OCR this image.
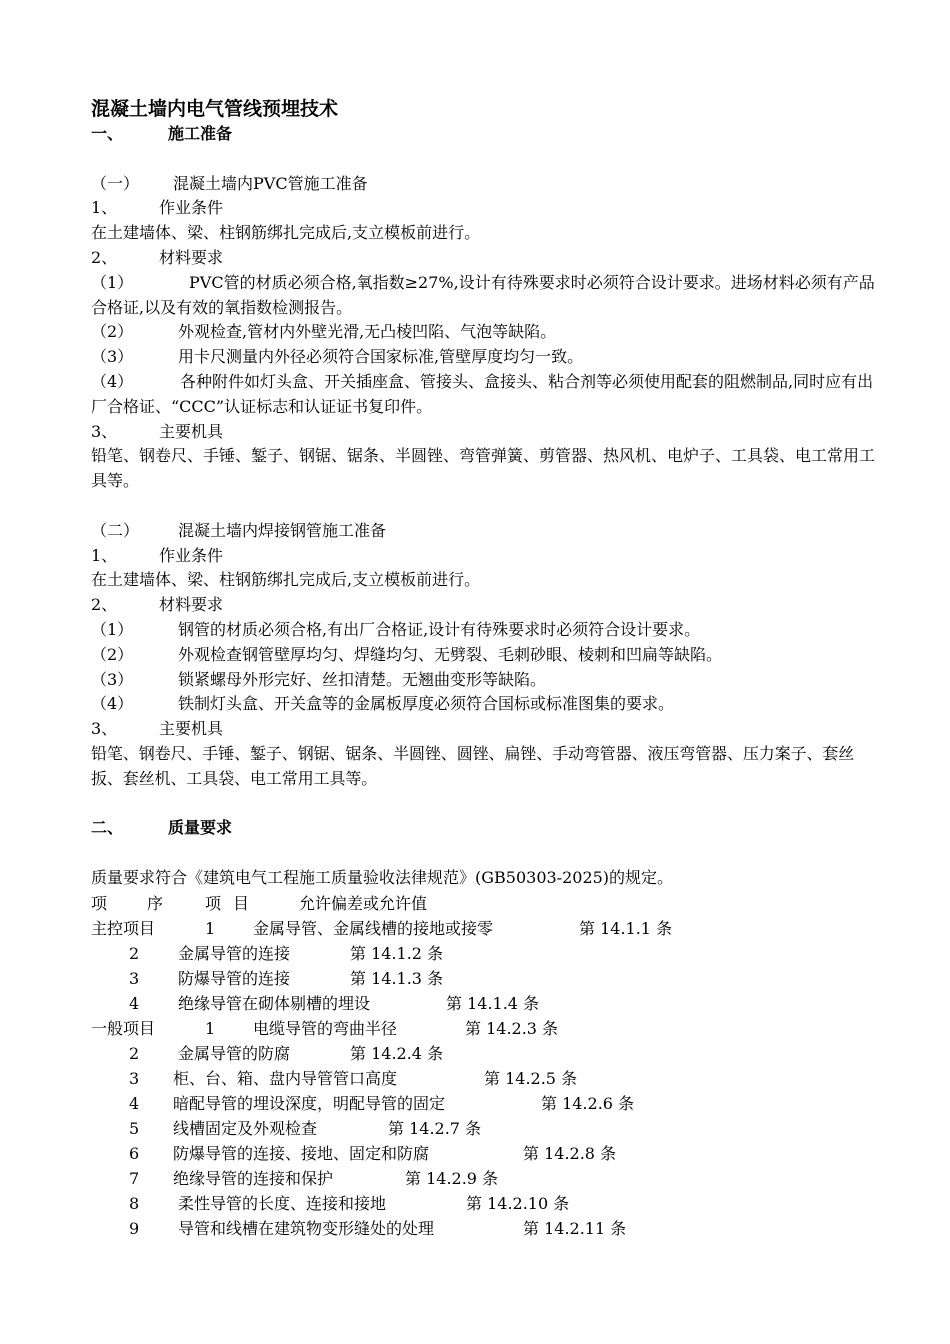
混凝土墙内电气管线预埋技术
一、	施工准备
（一） 混凝土墙内PVC管施工准备
1、	作业条件
在土建墙体、梁、柱钢筋绑扎完成后,支立模板前进行。
2、	材料要求
（1）	PVC管的材质必须合格,氧指数≥27%,设计有待殊要求时必须符合设计要求。进场材料必须有产品合格证,以及有效的氧指数检测报告。
（2）	外观检查,管材内外壁光滑,无凸棱凹陷、气泡等缺陷。
（3）	用卡尺测量内外径必须符合国家标准,管壁厚度均匀一致。
（4）	各种附件如灯头盒、开关插座盒、管接头、盒接头、粘合剂等必须使用配套的阻燃制品,同时应有出厂合格证、“CCC”认证标志和认证证书复印件。
3、	主要机具
铅笔、钢卷尺、手锤、錾子、钢锯、锯条、半圆锉、弯管弹簧、剪管器、热风机、电炉子、工具袋、电工常用工具等。
（二） 混凝土墙内焊接钢管施工准备
1、	作业条件
在土建墙体、梁、柱钢筋绑扎完成后,支立模板前进行。
2、	材料要求
（1）	钢管的材质必须合格,有出厂合格证,设计有待殊要求时必须符合设计要求。
（2）	外观检查钢管壁厚均匀、焊缝均匀、无劈裂、毛刺砂眼、棱刺和凹扁等缺陷。
（3）	锁紧螺母外形完好、丝扣清楚。无翘曲变形等缺陷。
（4）	铁制灯头盒、开关盒等的金属板厚度必须符合国标或标准图集的要求。
3、	主要机具
铅笔、钢卷尺、手锤、錾子、钢锯、锯条、半圆锉、圆锉、扁锉、手动弯管器、液压弯管器、压力案子、套丝扳、套丝机、工具袋、电工常用工具等。
二、	质量要求
质量要求符合《建筑电气工程施工质量验收法律规范》(GB50303-2025)的规定。
项 序	项 目	允许偏差或允许值
主控项目	1 金属导管、金属线槽的接地或接零	第 14.1.1 条
2 金属导管的连接	第 14.1.2 条
3 防爆导管的连接	第 14.1.3 条
4 绝缘导管在砌体剔槽的埋设	第 14.1.4 条
一般项目	1 电缆导管的弯曲半径	第 14.2.3 条
2 金属导管的防腐	第 14.2.4 条
3 柜、台、箱、盘内导管管口高度	第 14.2.5 条
4 暗配导管的埋设深度，明配导管的固定	第 14.2.6 条
5 线槽固定及外观检查	第 14.2.7 条
6 防爆导管的连接、接地、固定和防腐	第 14.2.8 条
7 绝缘导管的连接和保护	第 14.2.9 条
8 柔性导管的长度、连接和接地	第 14.2.10 条
9 导管和线槽在建筑物变形缝处的处理	第 14.2.11 条
